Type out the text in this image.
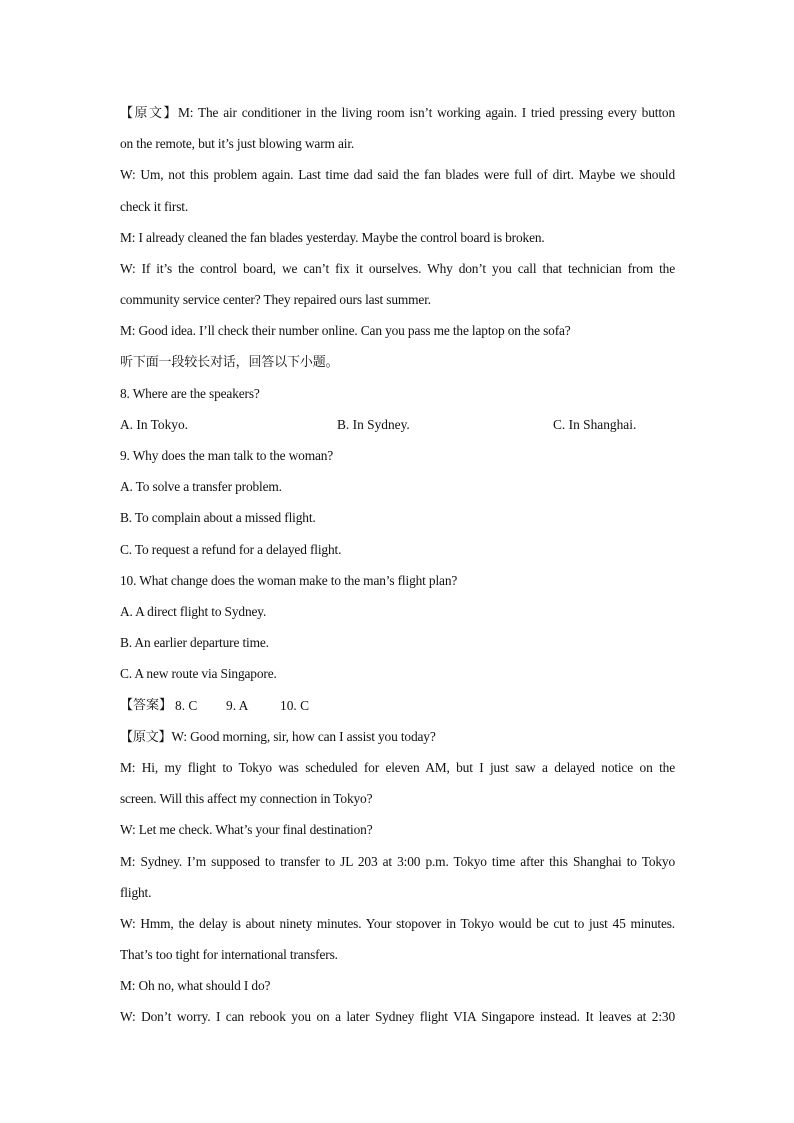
【原文】M: The air conditioner in the living room isn’t working again. I tried pressing every button
on the remote, but it’s just blowing warm air.
W: Um, not this problem again. Last time dad said the fan blades were full of dirt. Maybe we should
check it first.
M: I already cleaned the fan blades yesterday. Maybe the control board is broken.
W: If it’s the control board, we can’t fix it ourselves. Why don’t you call that technician from the
community service center? They repaired ours last summer.
M: Good idea. I’ll check their number online. Can you pass me the laptop on the sofa?
听下面一段较长对话，回答以下小题。
8. Where are the speakers?
A. In Tokyo.	B. In Sydney.	C. In Shanghai.
9. Why does the man talk to the woman?
A. To solve a transfer problem.
B. To complain about a missed flight.
C. To request a refund for a delayed flight.
10. What change does the woman make to the man’s flight plan?
A. A direct flight to Sydney.
B. An earlier departure time.
C. A new route via Singapore.
【答案】 8. C 9. A 10. C
【原文】W: Good morning, sir, how can I assist you today?
M: Hi, my flight to Tokyo was scheduled for eleven AM, but I just saw a delayed notice on the
screen. Will this affect my connection in Tokyo?
W: Let me check. What’s your final destination?
M: Sydney. I’m supposed to transfer to JL 203 at 3:00 p.m. Tokyo time after this Shanghai to Tokyo
flight.
W: Hmm, the delay is about ninety minutes. Your stopover in Tokyo would be cut to just 45 minutes.
That’s too tight for international transfers.
M: Oh no, what should I do?
W: Don’t worry. I can rebook you on a later Sydney flight VIA Singapore instead. It leaves at 2:30
